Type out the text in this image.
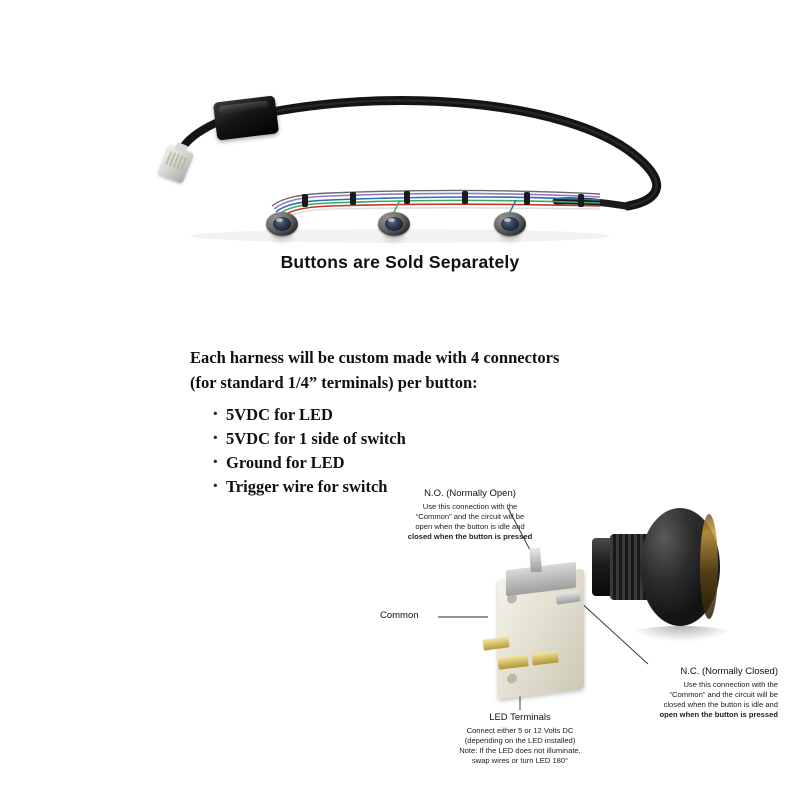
Buttons are Sold Separately

Each harness will be custom made with 4 connectors

(for standard 1/4” terminals) per button:

· 5VDC for LED
· 5VDC for 1 side of switch
· Ground for LED
· Trigger wire for switch	N.O. (Normally Open)

Use this connection with the

“Common” and the circuit will be

open when the button is idle and

closed when the button is pressed

Common

N.C. (Normally Closed)

Use this connection with the

“Common” and the circuit will be

closed when the button is idle and

open when the button is pressed

LED Terminals

Connect either 5 or 12 Volts DC

(depending on the LED installed)

Note: If the LED does not illuminate,

swap wires or turn LED 180°
